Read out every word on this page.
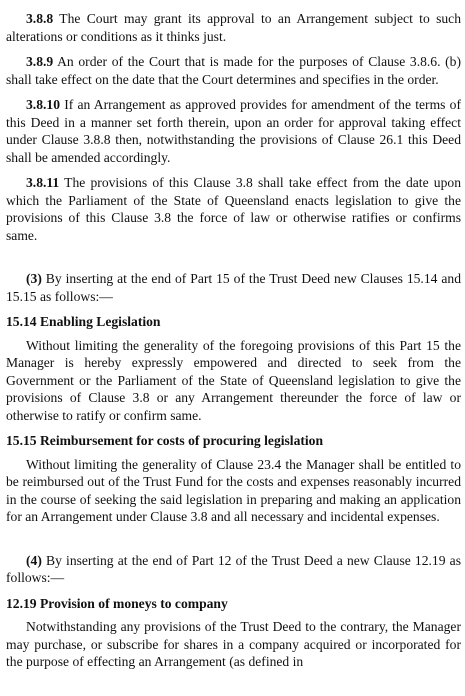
3.8.8 The Court may grant its approval to an Arrangement subject to such alterations or conditions as it thinks just.

3.8.9 An order of the Court that is made for the purposes of Clause 3.8.6. (b) shall take effect on the date that the Court determines and specifies in the order.

3.8.10 If an Arrangement as approved provides for amendment of the terms of this Deed in a manner set forth therein, upon an order for approval taking effect under Clause 3.8.8 then, notwithstanding the provisions of Clause 26.1 this Deed shall be amended accordingly.

3.8.11 The provisions of this Clause 3.8 shall take effect from the date upon which the Parliament of the State of Queensland enacts legislation to give the provisions of this Clause 3.8 the force of law or otherwise ratifies or confirms same.

(3) By inserting at the end of Part 15 of the Trust Deed new Clauses 15.14 and 15.15 as follows:—

15.14 Enabling Legislation

Without limiting the generality of the foregoing provisions of this Part 15 the Manager is hereby expressly empowered and directed to seek from the Government or the Parliament of the State of Queensland legislation to give the provisions of Clause 3.8 or any Arrangement thereunder the force of law or otherwise to ratify or confirm same.

15.15 Reimbursement for costs of procuring legislation

Without limiting the generality of Clause 23.4 the Manager shall be entitled to be reimbursed out of the Trust Fund for the costs and expenses reasonably incurred in the course of seeking the said legislation in preparing and making an application for an Arrangement under Clause 3.8 and all necessary and incidental expenses.

(4) By inserting at the end of Part 12 of the Trust Deed a new Clause 12.19 as follows:—

12.19 Provision of moneys to company

Notwithstanding any provisions of the Trust Deed to the contrary, the Manager may purchase, or subscribe for shares in a company acquired or incorporated for the purpose of effecting an Arrangement (as defined in
